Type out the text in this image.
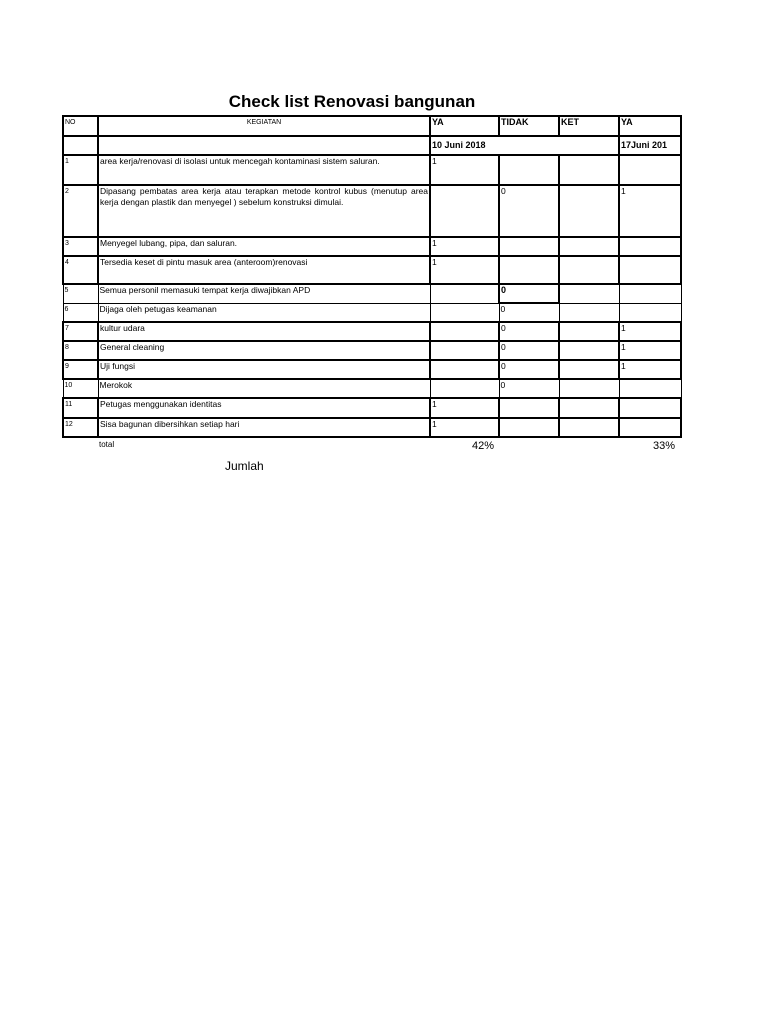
Check list Renovasi bangunan
NO	KEGIATAN	YA	TIDAK	KET	YA
		10 Juni 2018			17Juni 201
1	area kerja/renovasi di isolasi untuk mencegah kontaminasi sistem saluran.	1			
2	Dipasang pembatas area kerja atau terapkan metode kontrol kubus (menutup area kerja dengan plastik dan menyegel ) sebelum konstruksi dimulai.		0		1
3	Menyegel lubang, pipa, dan saluran.	1			
4	Tersedia keset di pintu masuk area (anteroom)renovasi	1			
5	Semua personil memasuki tempat kerja diwajibkan APD		0		
6	Dijaga oleh petugas keamanan		0		
7	kultur udara		0		1
8	General cleaning		0		1
9	Uji fungsi		0		1
10	Merokok		0		
11	Petugas menggunakan identitas	1			
12	Sisa bagunan dibersihkan setiap hari	1			
total	42%	33%
Jumlah
